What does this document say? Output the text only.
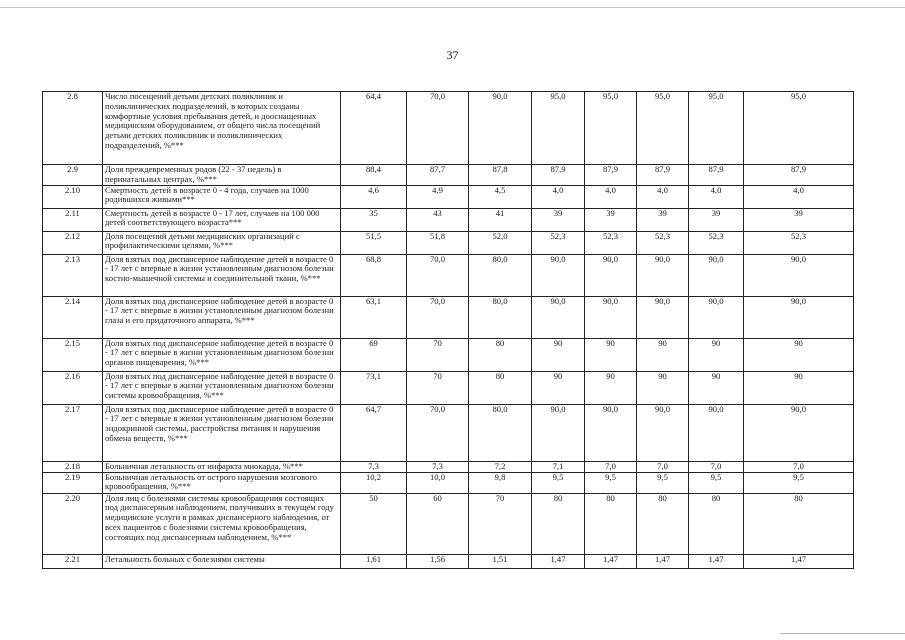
37
2.8	Число посещений детьми детских поликлиник и поликлинических подразделений, в которых созданы комфортные условия пребывания детей, и дооснащенных медицинским оборудованием, от общего числа посещений детьми детских поликлиник и поликлинических подразделений, %***	64,4	70,0	90,0	95,0	95,0	95,0	95,0	95,0
2.9	Доля преждевременных родов (22 - 37 недель) в перинатальных центрах, %***	88,4	87,7	87,8	87,9	87,9	87,9	87,9	87,9
2.10	Смертность детей в возрасте 0 - 4 года, случаев на 1000 родившихся живыми***	4,6	4,9	4,5	4,0	4,0	4,0	4,0	4,0
2.11	Смертность детей в возрасте 0 - 17 лет, случаев на 100 000 детей соответствующего возраста***	35	43	41	39	39	39	39	39
2.12	Доля посещений детьми медицинских организаций с профилактическими целями, %***	51,5	51,8	52,0	52,3	52,3	52,3	52,3	52,3
2.13	Доля взятых под диспансерное наблюдение детей в возрасте 0 - 17 лет с впервые в жизни установленным диагнозом болезни костно-мышечной системы и соединительной ткани, %***	68,8	70,0	80,0	90,0	90,0	90,0	90,0	90,0
2.14	Доля взятых под диспансерное наблюдение детей в возрасте 0 - 17 лет с впервые в жизни установленным диагнозом болезни глаза и его придаточного аппарата, %***	63,1	70,0	80,0	90,0	90,0	90,0	90,0	90,0
2.15	Доля взятых под диспансерное наблюдение детей в возрасте 0 - 17 лет с впервые в жизни установленным диагнозом болезни органов пищеварения, %***	69	70	80	90	90	90	90	90
2.16	Доля взятых под диспансерное наблюдение детей в возрасте 0 - 17 лет с впервые в жизни установленным диагнозом болезни системы кровообращения, %***	73,1	70	80	90	90	90	90	90
2.17	Доля взятых под диспансерное наблюдение детей в возрасте 0 - 17 лет с впервые в жизни установленным диагнозом болезни эндокринной системы, расстройства питания и нарушения обмена веществ, %***	64,7	70,0	80,0	90,0	90,0	90,0	90,0	90,0
2.18	Больничная летальность от инфаркта миокарда, %***	7,3	7,3	7,2	7,1	7,0	7,0	7,0	7,0
2.19	Больничная летальность от острого нарушения мозгового кровообращения, %***	10,2	10,0	9,8	9,5	9,5	9,5	9,5	9,5
2.20	Доля лиц с болезнями системы кровообращения состоящих под диспансерным наблюдением, получивших в текущем году медицинские услуги в рамках диспансерного наблюдения, от всех пациентов с болезнями системы кровообращения, состоящих под диспансерным наблюдением, %***	50	60	70	80	80	80	80	80
2.21	Летальность больных с болезнями системы	1,61	1,56	1,51	1,47	1,47	1,47	1,47	1,47
